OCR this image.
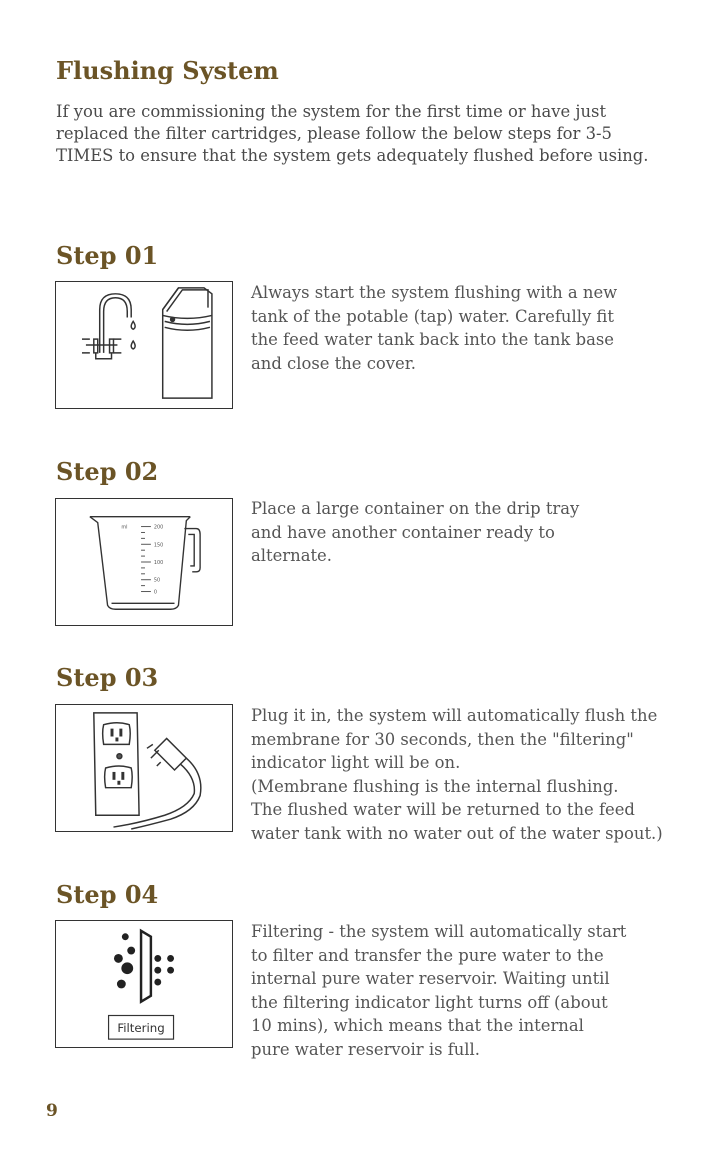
Flushing System

If you are commissioning the system for the first time or have just
replaced the filter cartridges, please follow the below steps for 3-5
TIMES to ensure that the system gets adequately flushed before using.

Step 01

Always start the system flushing with a new
tank of the potable (tap) water. Carefully fit
the feed water tank back into the tank base
and close the cover.

Step 02
ml	200
150
100
50
0

Place a large container on the drip tray
and have another container ready to
alternate.

Step 03

Plug it in, the system will automatically flush the
membrane for 30 seconds, then the "filtering"
indicator light will be on.
(Membrane flushing is the internal flushing.
The flushed water will be returned to the feed
water tank with no water out of the water spout.)

Step 04
Filtering

Filtering - the system will automatically start
to filter and transfer the pure water to the
internal pure water reservoir. Waiting until
the filtering indicator light turns off (about
10 mins), which means that the internal
pure water reservoir is full.

9
